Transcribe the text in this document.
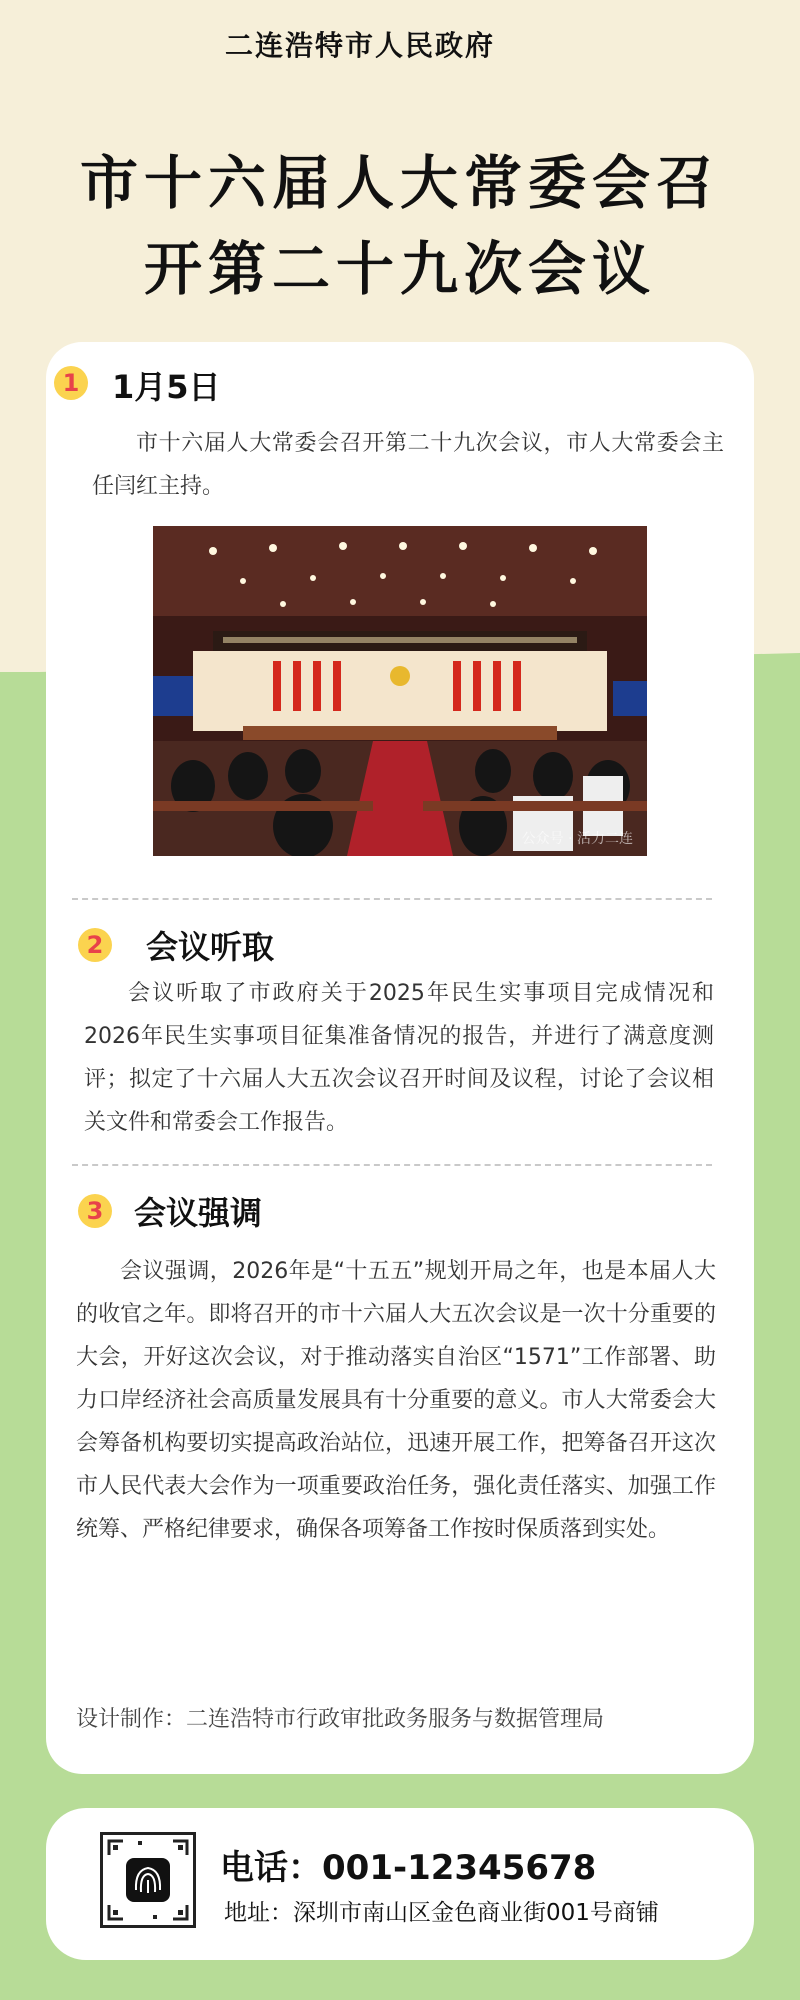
二连浩特市人民政府
市十六届人大常委会召
开第二十九次会议
1 1月5日
市十六届人大常委会召开第二十九次会议，市人大常委会主任闫红主持。
公众号 · 活力二连
2 会议听取
会议听取了市政府关于2025年民生实事项目完成情况和2026年民生实事项目征集准备情况的报告，并进行了满意度测评；拟定了十六届人大五次会议召开时间及议程，讨论了会议相关文件和常委会工作报告。
3 会议强调
会议强调，2026年是“十五五”规划开局之年，也是本届人大的收官之年。即将召开的市十六届人大五次会议是一次十分重要的大会，开好这次会议，对于推动落实自治区“1571”工作部署、助力口岸经济社会高质量发展具有十分重要的意义。市人大常委会大会筹备机构要切实提高政治站位，迅速开展工作，把筹备召开这次市人民代表大会作为一项重要政治任务，强化责任落实、加强工作统筹、严格纪律要求，确保各项筹备工作按时保质落到实处。
设计制作：二连浩特市行政审批政务服务与数据管理局
电话：001-12345678
地址：深圳市南山区金色商业街001号商铺
